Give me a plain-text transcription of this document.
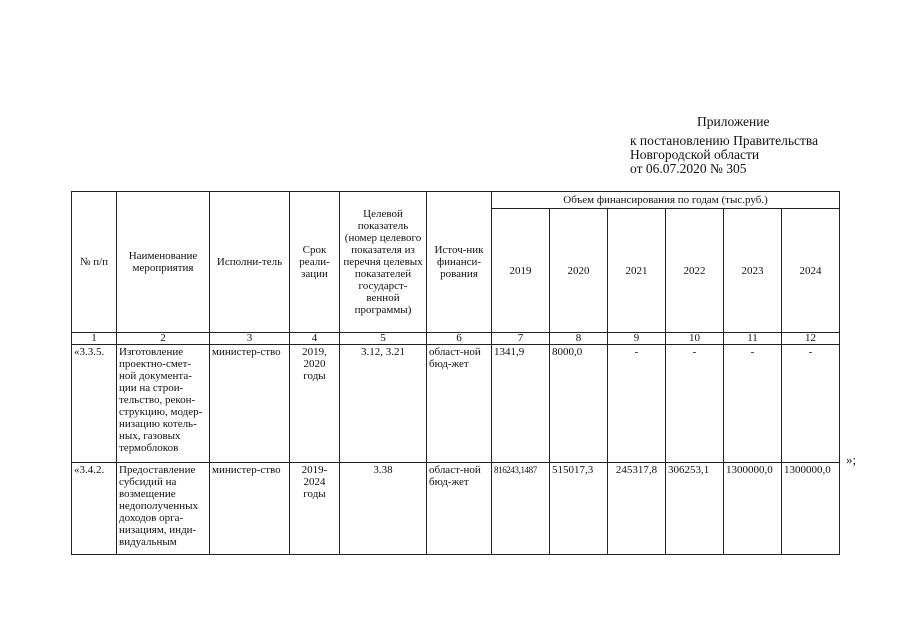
Приложение
к постановлению Правительства
Новгородской области
от 06.07.2020 № 305
№ п/п	Наименование мероприятия	Исполни-тель	Срок реали-зации	Целевой показатель (номер целевого показателя из перечня целевых показателей государст-венной программы)	Источ-ник финанси-рования	Объем финансирования по годам (тыс.руб.)					
						2019	2020	2021	2022	2023	2024
1	2	3	4	5	6	7	8	9	10	11	12
«3.3.5.	Изготовление проектно-смет-ной документа-ции на строи-тельство, рекон-струкцию, модер-низацию котель-ных, газовых термоблоков	министер-ство	2019, 2020 годы	3.12, 3.21	област-ной бюд-жет	1341,9	8000,0	-	-	-	-
«3.4.2.	Предоставление субсидий на возмещение недополученных доходов орга-низациям, инди-видуальным	министер-ство	2019-2024 годы	3.38	област-ной бюд-жет	816243,1487	515017,3	245317,8	306253,1	1300000,0	1300000,0
»;
